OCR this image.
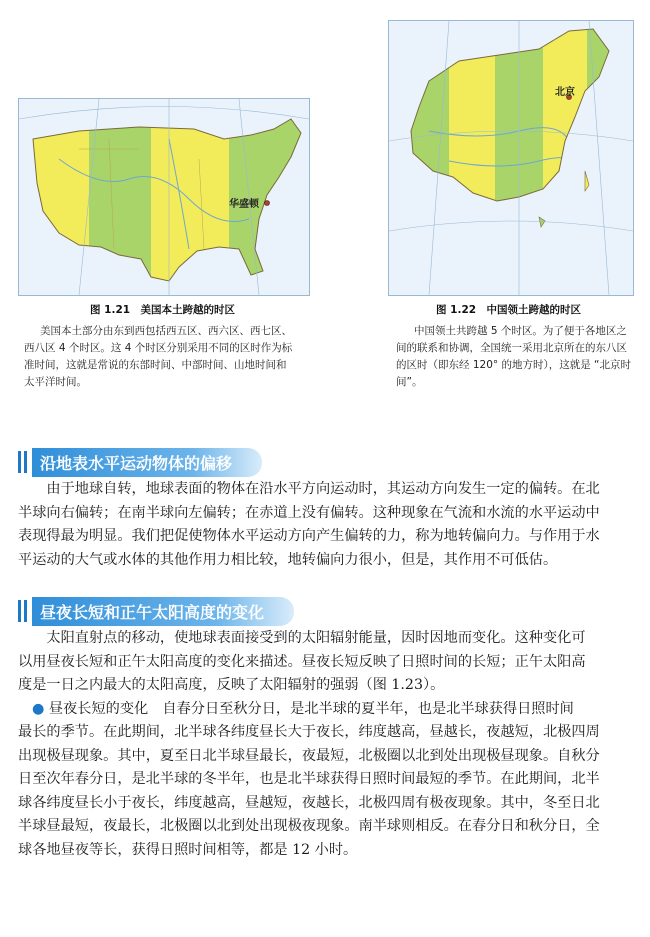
华盛顿
图 1.21　美国本土跨越的时区
美国本土部分由东到西包括西五区、西六区、西七区、
西八区 4 个时区。这 4 个时区分别采用不同的区时作为标
准时间，这就是常说的东部时间、中部时间、山地时间和
太平洋时间。
北京
图 1.22　中国领土跨越的时区
中国领土共跨越 5 个时区。为了便于各地区之
间的联系和协调，全国统一采用北京所在的东八区
的区时（即东经 120° 的地方时），这就是 “北京时
间”。
沿地表水平运动物体的偏移
　　由于地球自转，地球表面的物体在沿水平方向运动时，其运动方向发生一定的偏转。在北
半球向右偏转；在南半球向左偏转；在赤道上没有偏转。这种现象在气流和水流的水平运动中
表现得最为明显。我们把促使物体水平运动方向产生偏转的力，称为地转偏向力。与作用于水
平运动的大气或水体的其他作用力相比较，地转偏向力很小，但是，其作用不可低估。
昼夜长短和正午太阳高度的变化
　　太阳直射点的移动，使地球表面接受到的太阳辐射能量，因时因地而变化。这种变化可
以用昼夜长短和正午太阳高度的变化来描述。昼夜长短反映了日照时间的长短；正午太阳高
度是一日之内最大的太阳高度，反映了太阳辐射的强弱（图 1.23）。
● 昼夜长短的变化　自春分日至秋分日，是北半球的夏半年，也是北半球获得日照时间
最长的季节。在此期间，北半球各纬度昼长大于夜长，纬度越高，昼越长，夜越短，北极四周
出现极昼现象。其中，夏至日北半球昼最长，夜最短，北极圈以北到处出现极昼现象。自秋分
日至次年春分日，是北半球的冬半年，也是北半球获得日照时间最短的季节。在此期间，北半
球各纬度昼长小于夜长，纬度越高，昼越短，夜越长，北极四周有极夜现象。其中，冬至日北
半球昼最短，夜最长，北极圈以北到处出现极夜现象。南半球则相反。在春分日和秋分日，全
球各地昼夜等长，获得日照时间相等，都是 12 小时。
